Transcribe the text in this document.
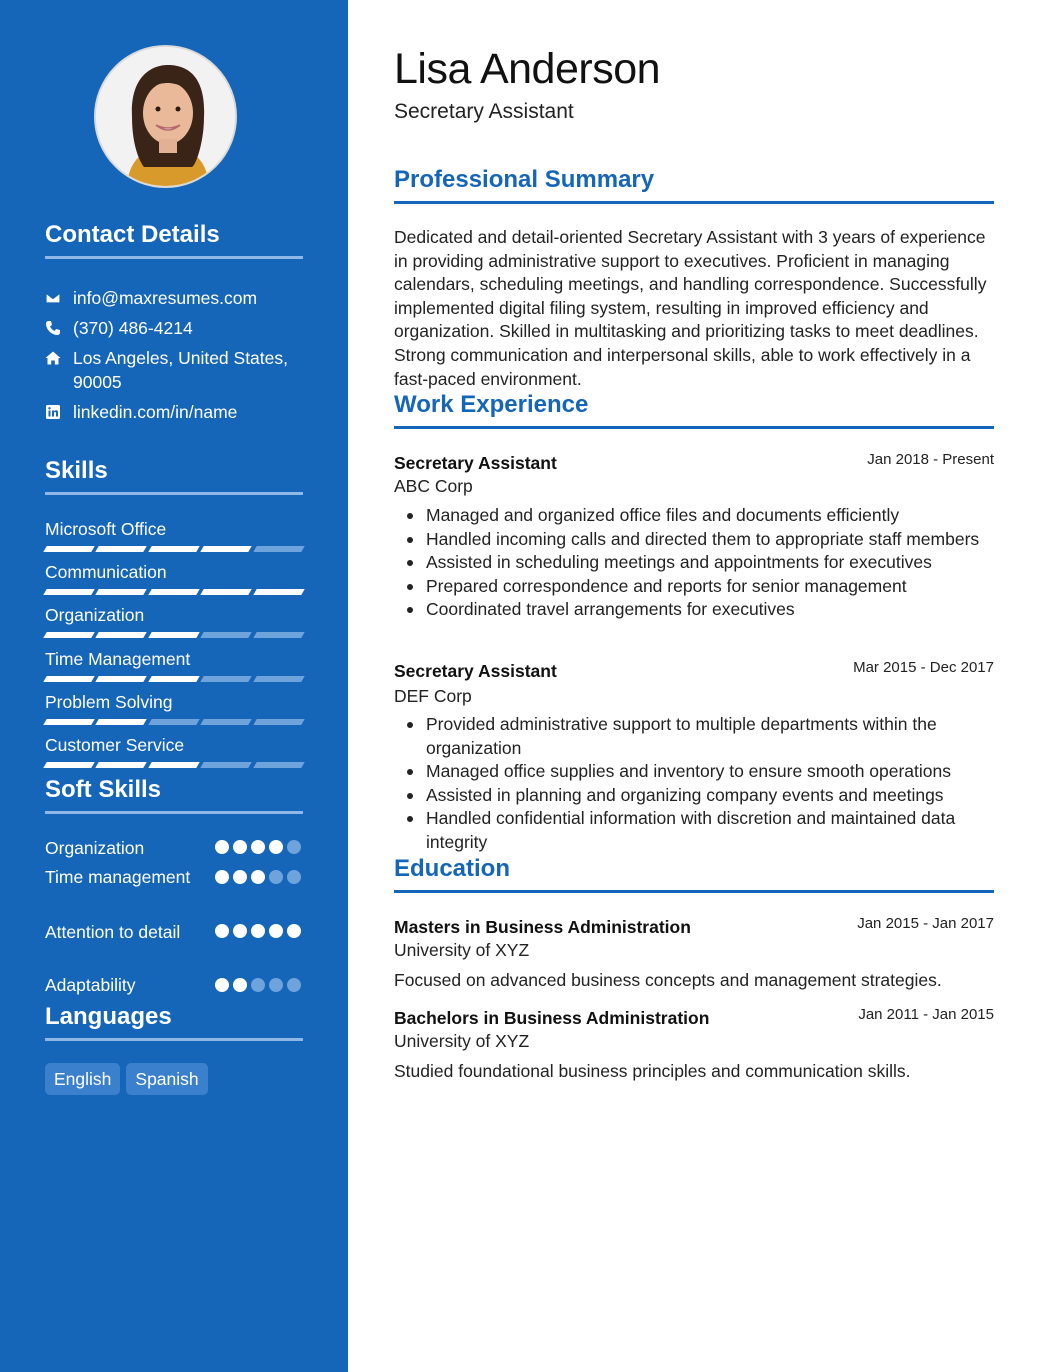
Contact Details
info@maxresumes.com
(370) 486-4214
Los Angeles, United States,
90005
linkedin.com/in/name
Skills
Microsoft Office
Communication
Organization
Time Management
Problem Solving
Customer Service
Soft Skills
Organization
Time management
Attention to detail
Adaptability
Languages
English	Spanish
Lisa Anderson
Secretary Assistant
Professional Summary

Dedicated and detail-oriented Secretary Assistant with 3 years of experience in providing administrative support to executives. Proficient in managing calendars, scheduling meetings, and handling correspondence. Successfully implemented digital filing system, resulting in improved efficiency and organization. Skilled in multitasking and prioritizing tasks to meet deadlines. Strong communication and interpersonal skills, able to work effectively in a fast-paced environment.

Work Experience
Secretary Assistant	Jan 2018 - Present
ABC Corp
Managed and organized office files and documents efficiently
Handled incoming calls and directed them to appropriate staff members
Assisted in scheduling meetings and appointments for executives
Prepared correspondence and reports for senior management
Coordinated travel arrangements for executives
Secretary Assistant	Mar 2015 - Dec 2017
DEF Corp
Provided administrative support to multiple departments within the organization
Managed office supplies and inventory to ensure smooth operations
Assisted in planning and organizing company events and meetings
Handled confidential information with discretion and maintained data integrity
Education
Masters in Business Administration	Jan 2015 - Jan 2017
University of XYZ
Focused on advanced business concepts and management strategies.
Bachelors in Business Administration	Jan 2011 - Jan 2015
University of XYZ
Studied foundational business principles and communication skills.
